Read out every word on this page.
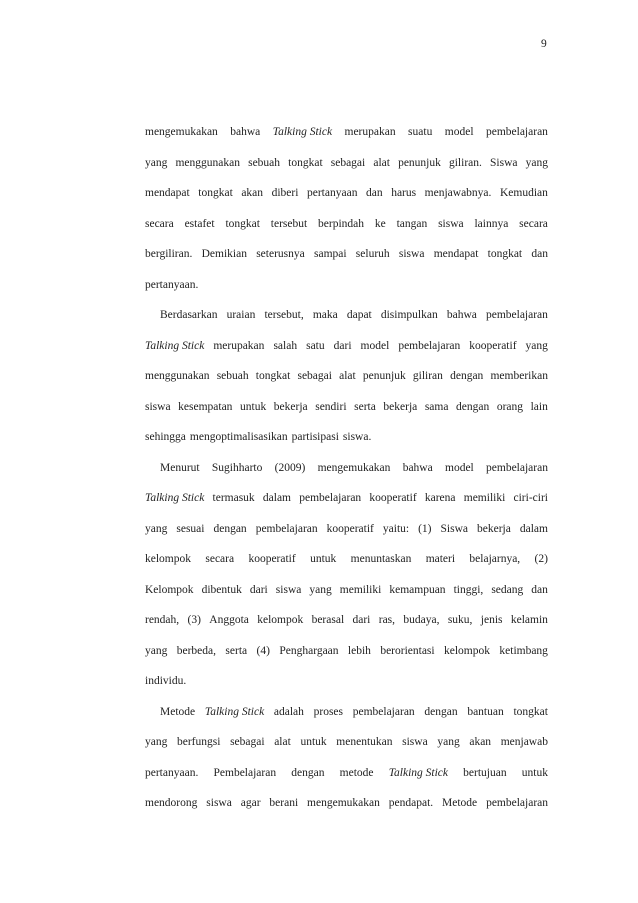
9
mengemukakan bahwa Talking Stick merupakan suatu model pembelajaran
yang menggunakan sebuah tongkat sebagai alat penunjuk giliran. Siswa yang
mendapat tongkat akan diberi pertanyaan dan harus menjawabnya. Kemudian
secara estafet tongkat tersebut berpindah ke tangan siswa lainnya secara
bergiliran. Demikian seterusnya sampai seluruh siswa mendapat tongkat dan
pertanyaan.
Berdasarkan uraian tersebut, maka dapat disimpulkan bahwa pembelajaran
Talking Stick merupakan salah satu dari model pembelajaran kooperatif yang
menggunakan sebuah tongkat sebagai alat penunjuk giliran dengan memberikan
siswa kesempatan untuk bekerja sendiri serta bekerja sama dengan orang lain
sehingga mengoptimalisasikan partisipasi siswa.
Menurut Sugihharto (2009) mengemukakan bahwa model pembelajaran
Talking Stick termasuk dalam pembelajaran kooperatif karena memiliki ciri-ciri
yang sesuai dengan pembelajaran kooperatif yaitu: (1) Siswa bekerja dalam
kelompok secara kooperatif untuk menuntaskan materi belajarnya, (2)
Kelompok dibentuk dari siswa yang memiliki kemampuan tinggi, sedang dan
rendah, (3) Anggota kelompok berasal dari ras, budaya, suku, jenis kelamin
yang berbeda, serta (4) Penghargaan lebih berorientasi kelompok ketimbang
individu.
Metode Talking Stick adalah proses pembelajaran dengan bantuan tongkat
yang berfungsi sebagai alat untuk menentukan siswa yang akan menjawab
pertanyaan. Pembelajaran dengan metode Talking Stick bertujuan untuk
mendorong siswa agar berani mengemukakan pendapat. Metode pembelajaran
